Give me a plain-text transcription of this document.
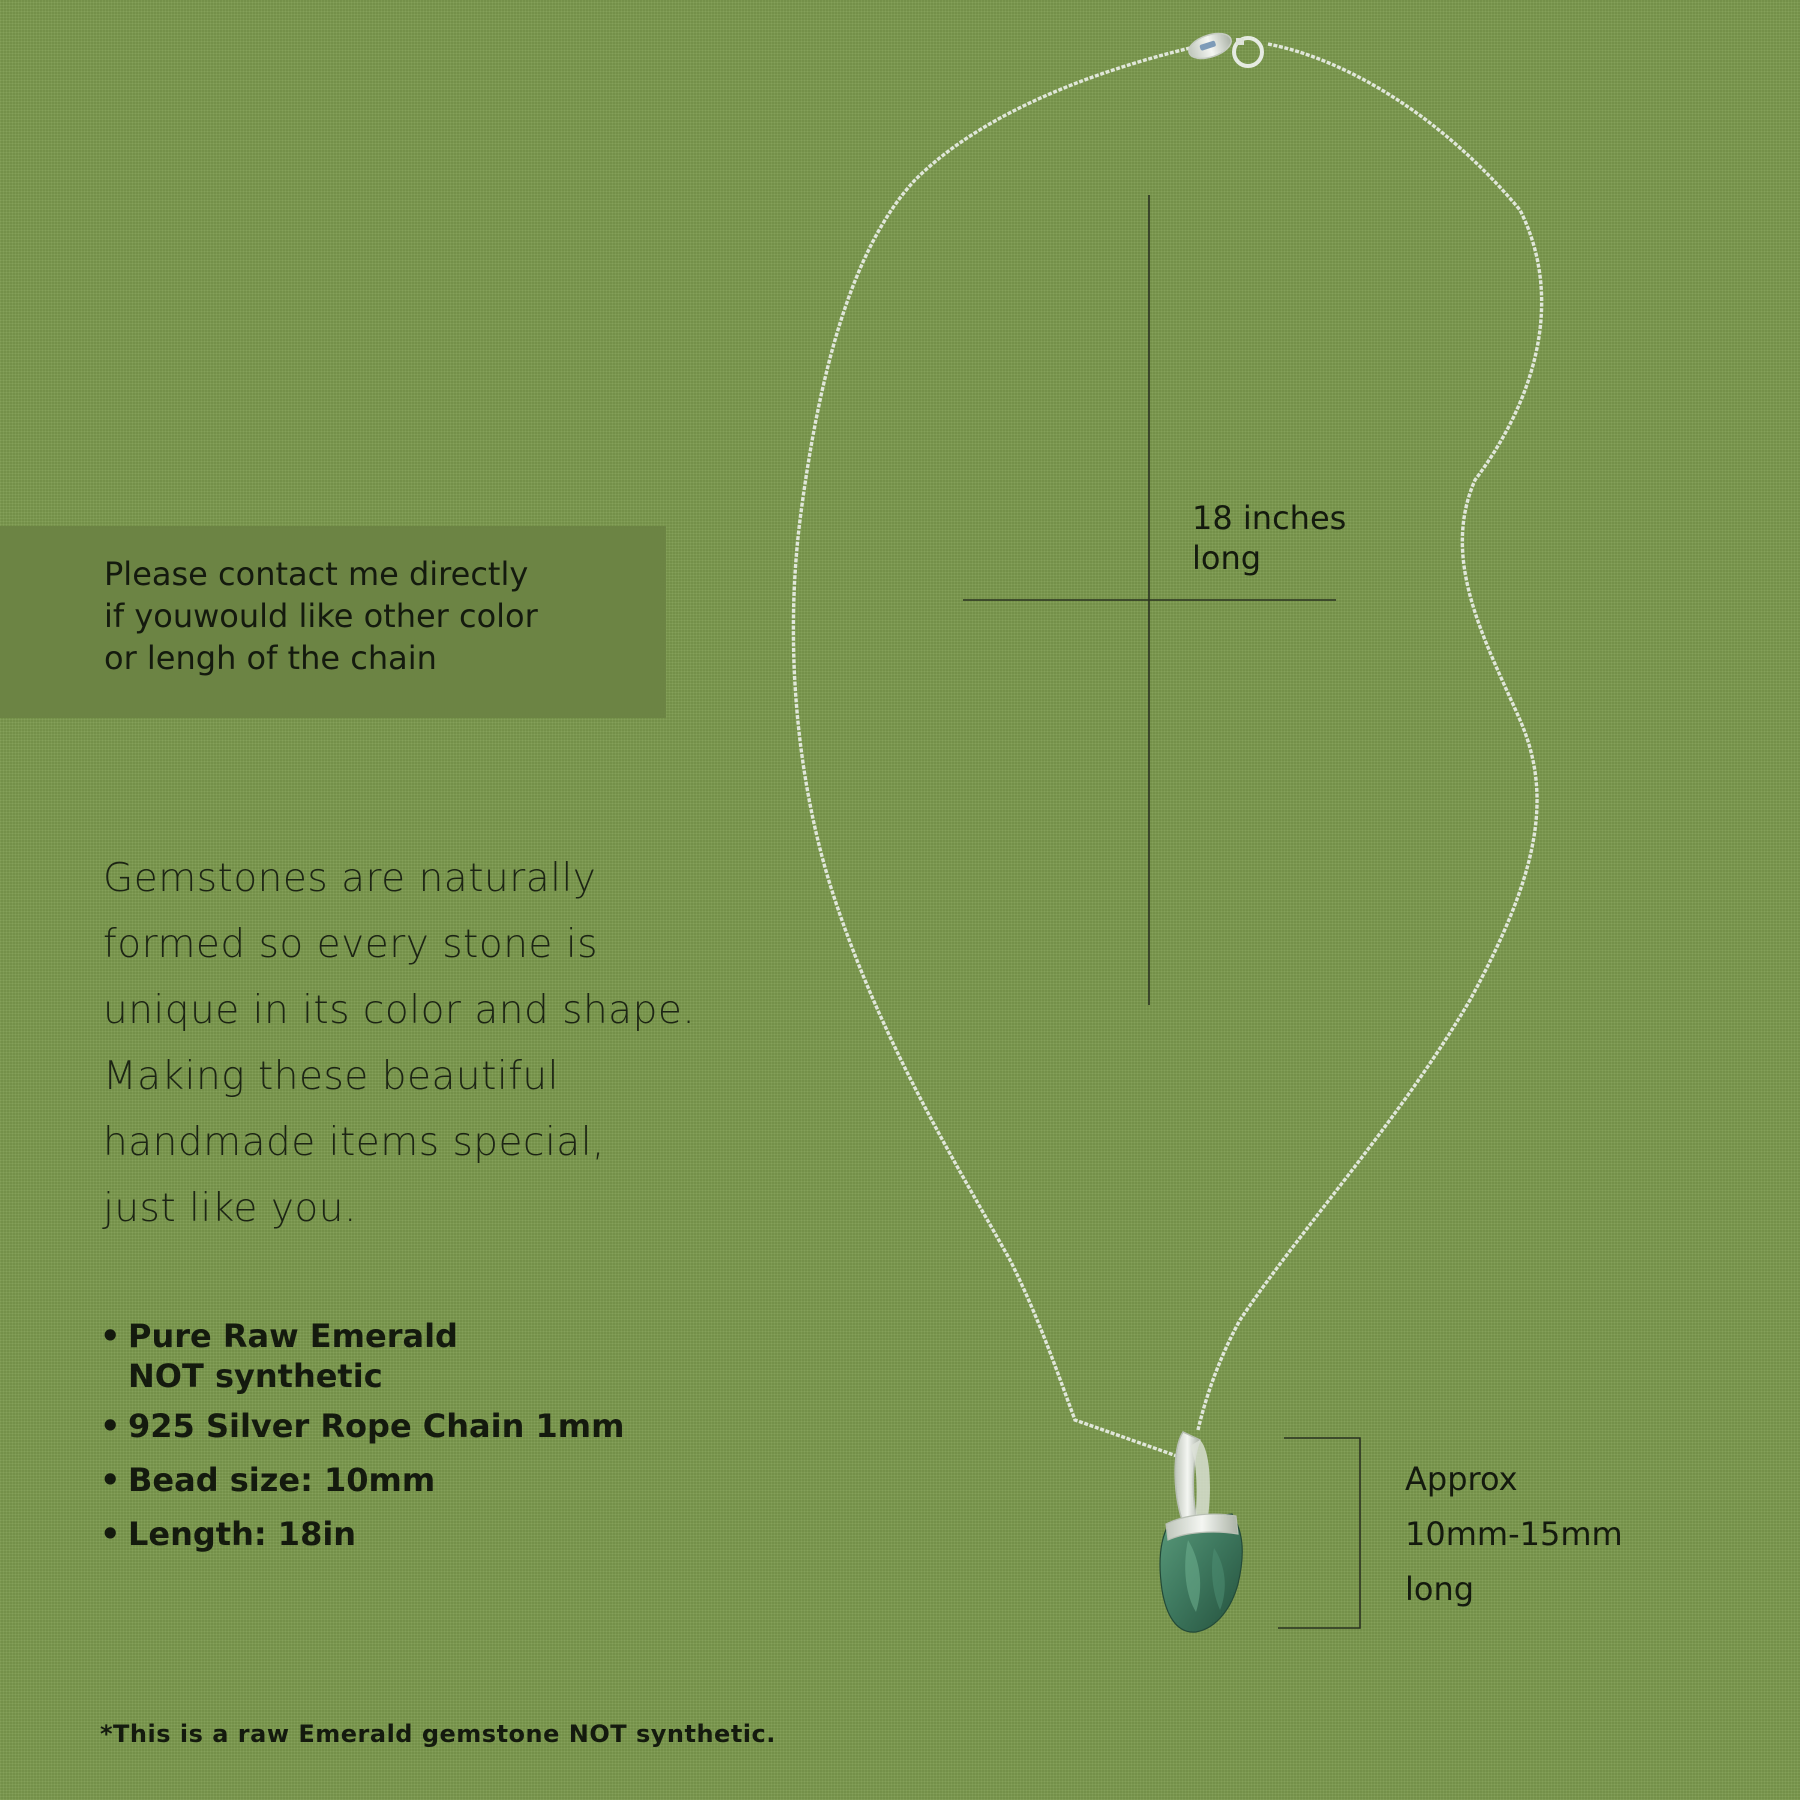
Please contact me directly
if youwould like other color
or lengh of the chain
Gemstones are naturally
formed so every stone is
unique in its color and shape.
Making these beautiful
handmade items special,
just like you.
• Pure Raw Emerald
NOT synthetic
• 925 Silver Rope Chain 1mm
• Bead size: 10mm
• Length: 18in
18 inches
long
Approx
10mm-15mm
long
*This is a raw Emerald gemstone NOT synthetic.
